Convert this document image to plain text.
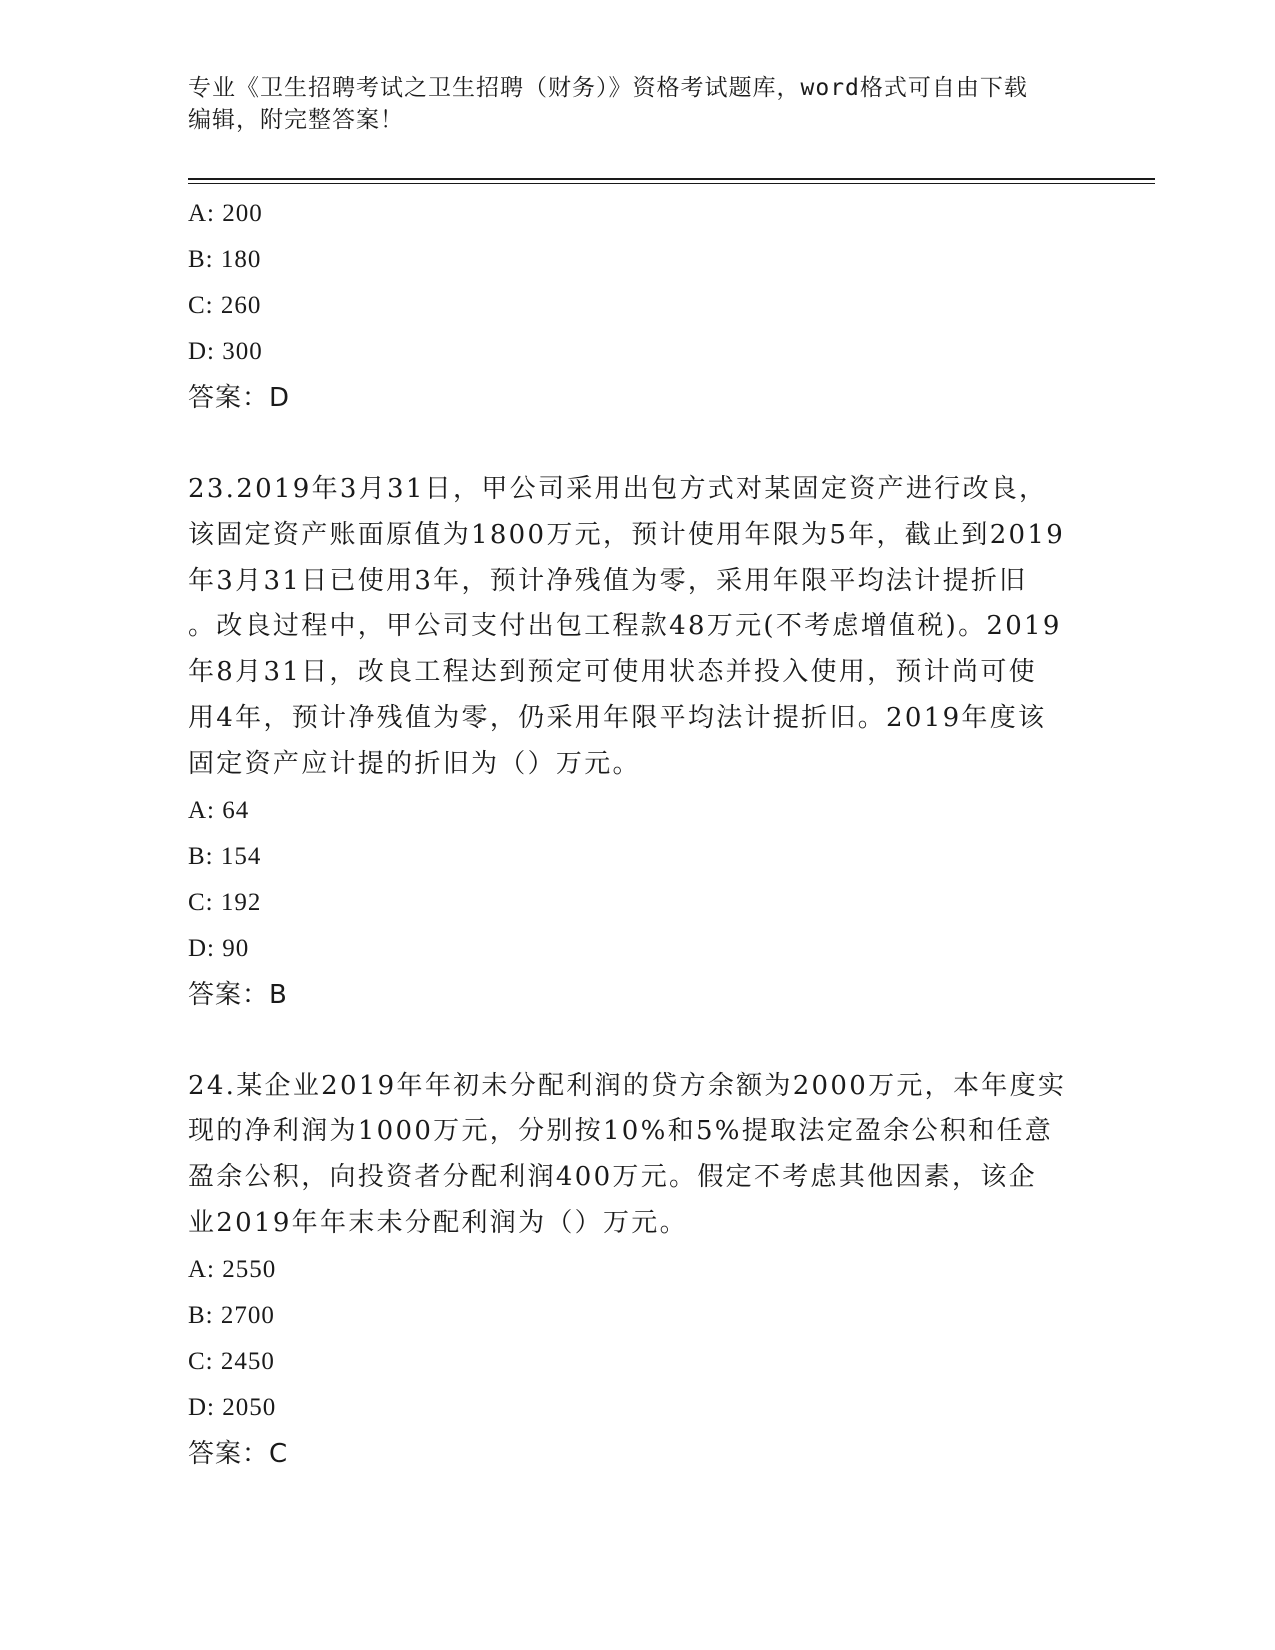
专业《卫生招聘考试之卫生招聘（财务）》资格考试题库，word格式可自由下载
编辑，附完整答案！
A: 200
B: 180
C: 260
D: 300
答案：D
23.2019年3月31日，甲公司采用出包方式对某固定资产进行改良，
该固定资产账面原值为1800万元，预计使用年限为5年，截止到2019
年3月31日已使用3年，预计净残值为零，采用年限平均法计提折旧
。改良过程中，甲公司支付出包工程款48万元(不考虑增值税)。2019
年8月31日，改良工程达到预定可使用状态并投入使用，预计尚可使
用4年，预计净残值为零，仍采用年限平均法计提折旧。2019年度该
固定资产应计提的折旧为（）万元。
A: 64
B: 154
C: 192
D: 90
答案：B
24.某企业2019年年初未分配利润的贷方余额为2000万元，本年度实
现的净利润为1000万元，分别按10%和5%提取法定盈余公积和任意
盈余公积，向投资者分配利润400万元。假定不考虑其他因素，该企
业2019年年末未分配利润为（）万元。
A: 2550
B: 2700
C: 2450
D: 2050
答案：C
